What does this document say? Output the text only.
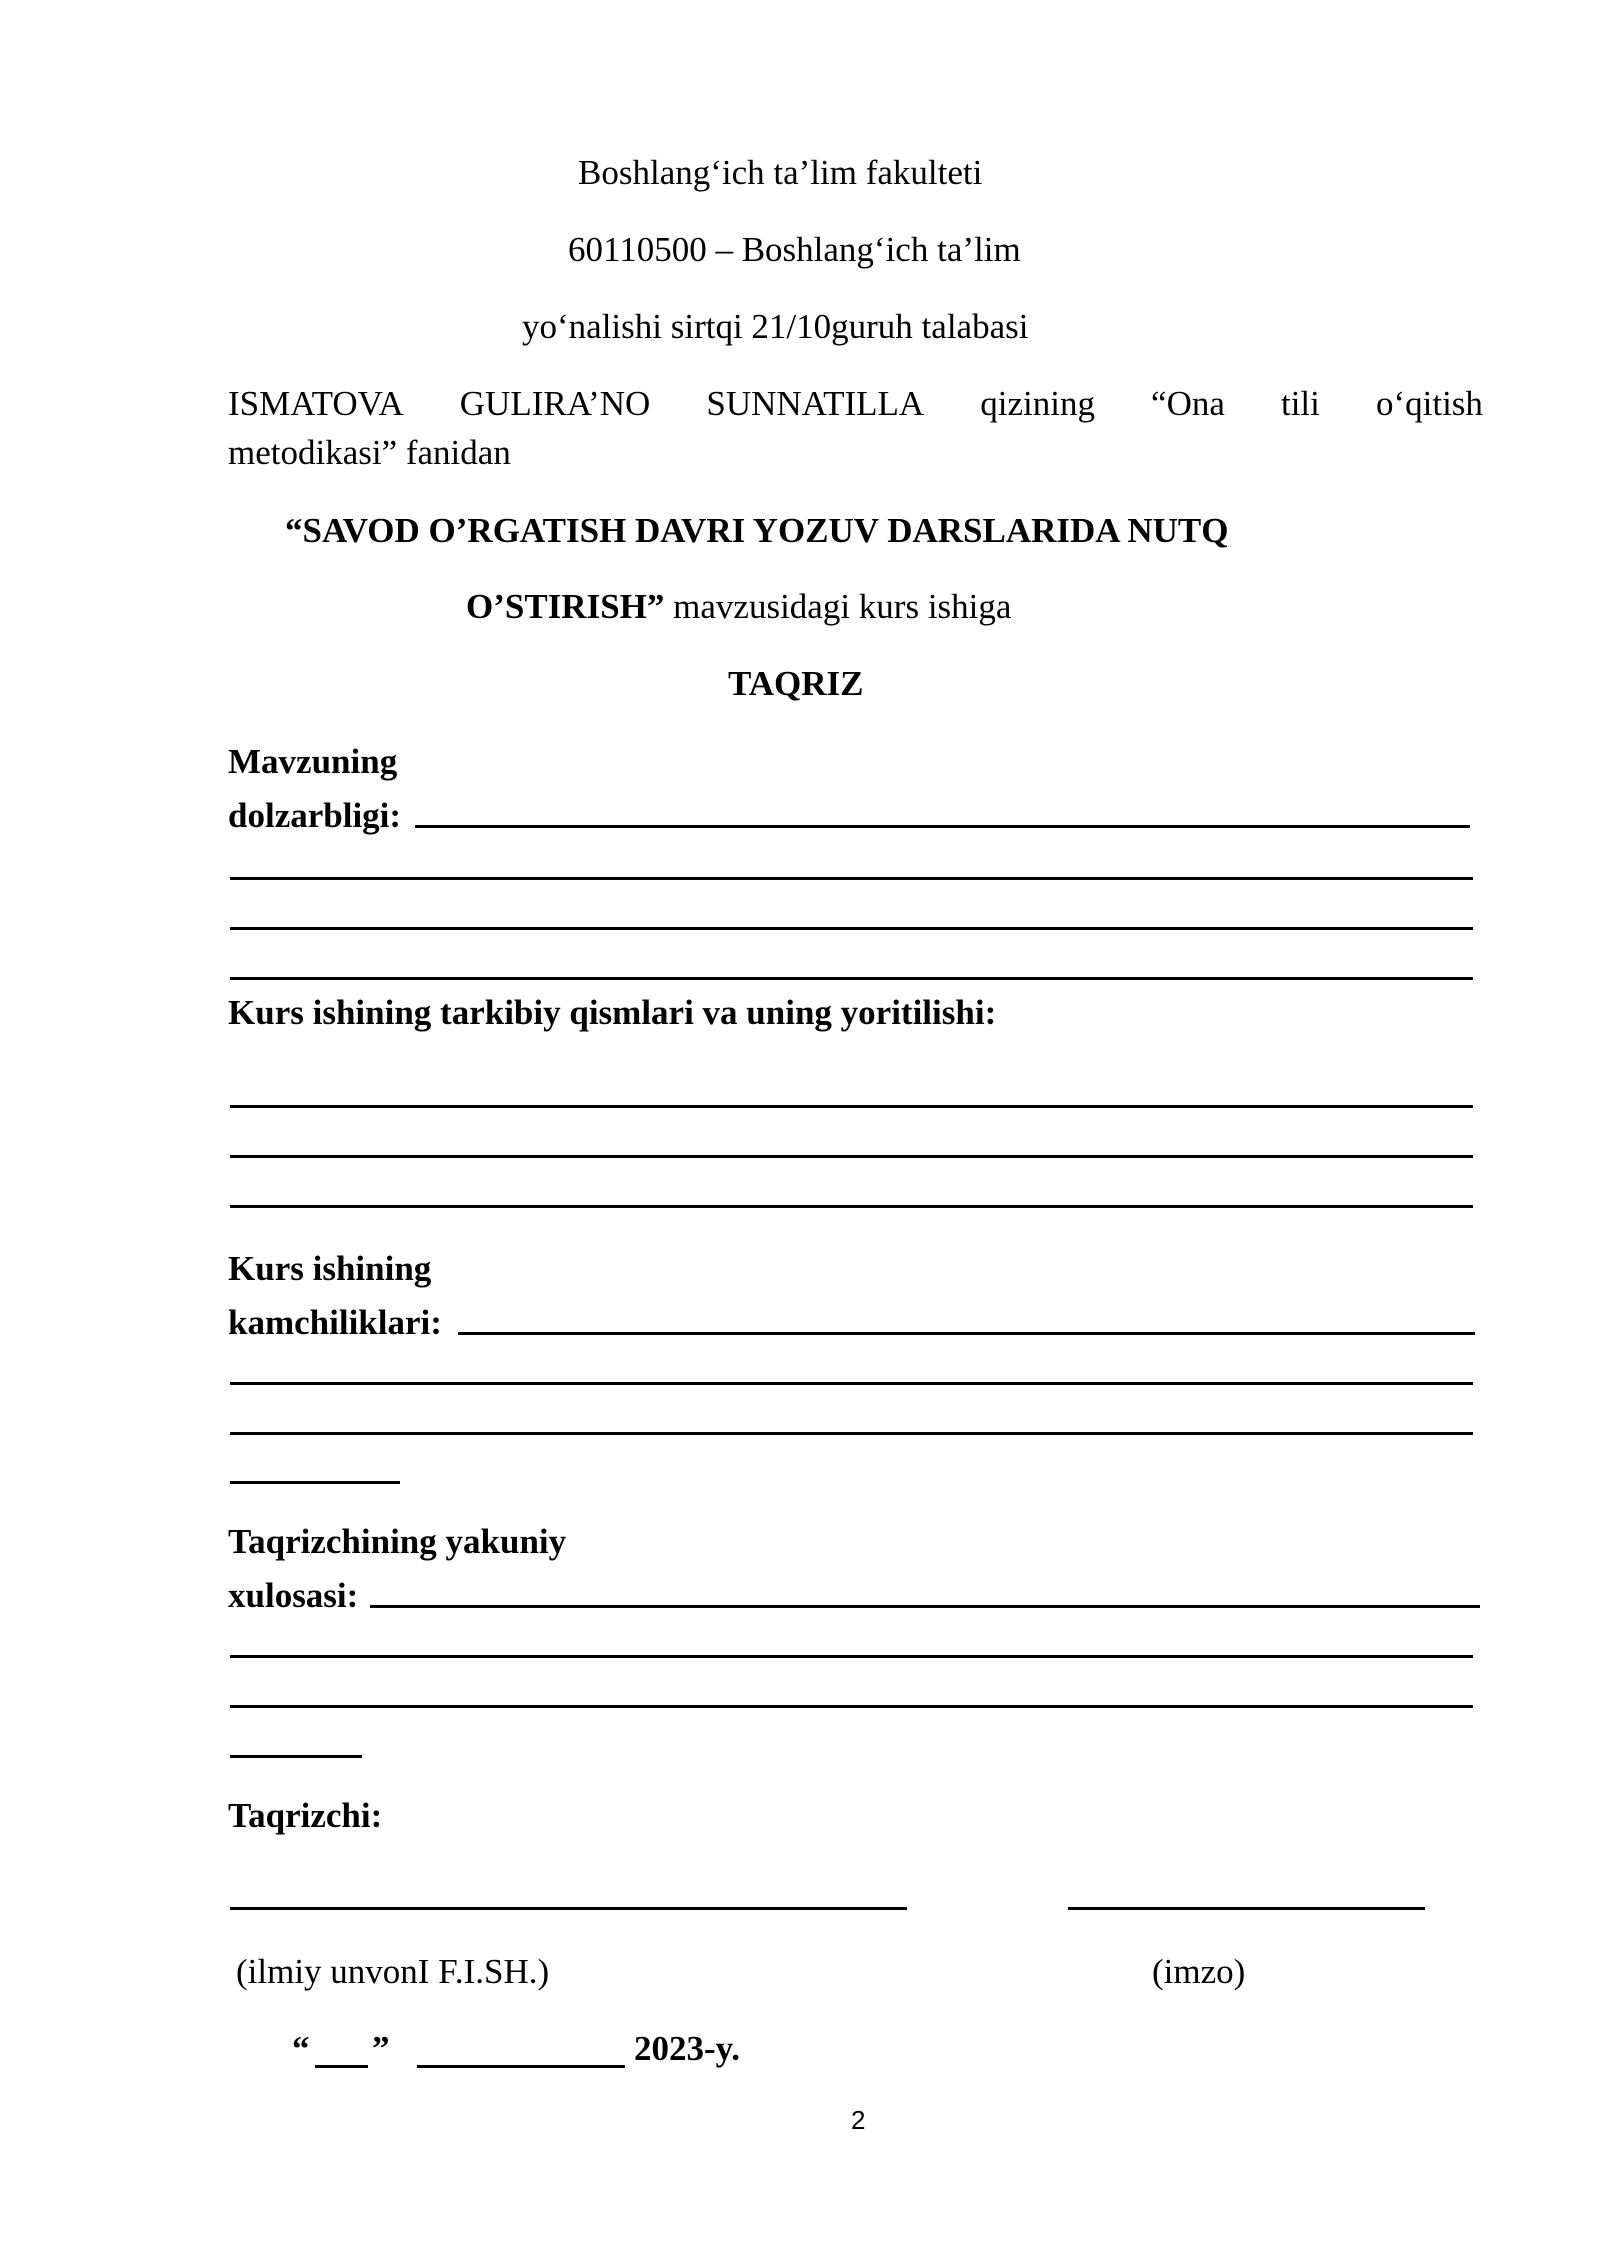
Boshlang‘ich ta’lim fakulteti
60110500 – Boshlang‘ich ta’lim
yo‘nalishi sirtqi 21/10guruh talabasi
ISMATOVA GULIRA’NO SUNNATILLA qizining “Ona tili o‘qitish
metodikasi” fanidan
“SAVOD O’RGATISH DAVRI YOZUV DARSLARIDA NUTQ
O’STIRISH” mavzusidagi kurs ishiga
TAQRIZ
Mavzuning
dolzarbligi:
Kurs ishining tarkibiy qismlari va uning yoritilishi:
Kurs ishining
kamchiliklari:
Taqrizchining yakuniy
xulosasi:
Taqrizchi:
(ilmiy unvonI F.I.SH.)	(imzo)
“ ”	2023-y.
2
